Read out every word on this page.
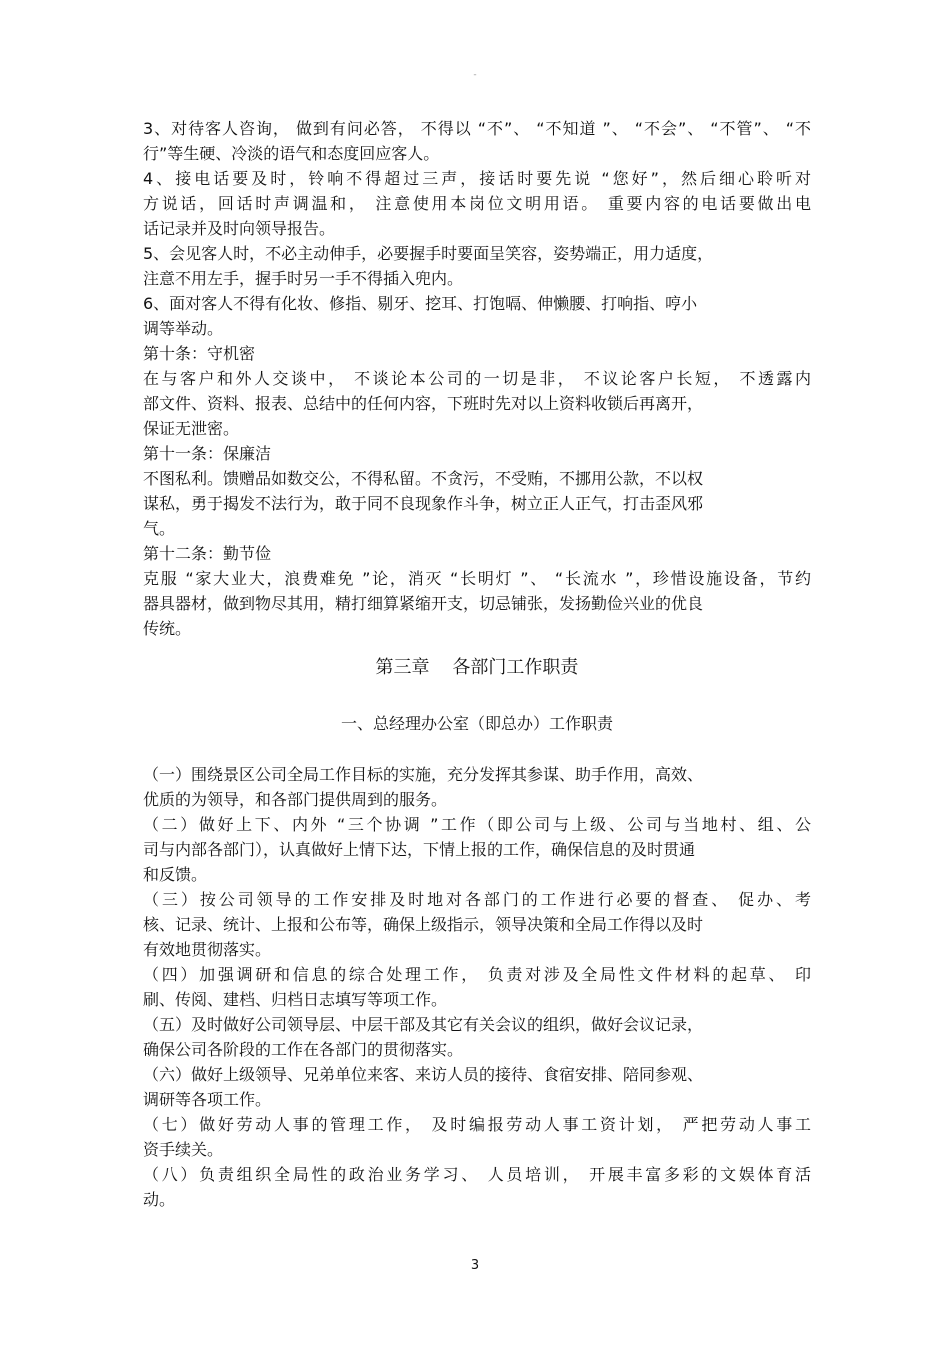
-
3、对待客人咨询， 做到有问必答， 不得以 “不”、 “不知道 ”、 “不会”、 “不管”、 “不
行”等生硬、冷淡的语气和态度回应客人。
4、接电话要及时，铃响不得超过三声，接话时要先说 “您好”，然后细心聆听对
方说话，回话时声调温和， 注意使用本岗位文明用语。 重要内容的电话要做出电
话记录并及时向领导报告。
5、会见客人时，不必主动伸手，必要握手时要面呈笑容，姿势端正，用力适度，
注意不用左手，握手时另一手不得插入兜内。
6、面对客人不得有化妆、修指、剔牙、挖耳、打饱嗝、伸懒腰、打响指、哼小
调等举动。
第十条：守机密
在与客户和外人交谈中， 不谈论本公司的一切是非， 不议论客户长短， 不透露内
部文件、资料、报表、总结中的任何内容，下班时先对以上资料收锁后再离开，
保证无泄密。
第十一条：保廉洁
不图私利。馈赠品如数交公，不得私留。不贪污，不受贿，不挪用公款，不以权
谋私，勇于揭发不法行为，敢于同不良现象作斗争，树立正人正气，打击歪风邪
气。
第十二条：勤节俭
克服 “家大业大，浪费难免 ”论，消灭 “长明灯 ”、 “长流水 ”，珍惜设施设备，节约
器具器材，做到物尽其用，精打细算紧缩开支，切忌铺张，发扬勤俭兴业的优良
传统。
第三章    各部门工作职责
一、总经理办公室（即总办）工作职责
（一）围绕景区公司全局工作目标的实施，充分发挥其参谋、助手作用，高效、
优质的为领导，和各部门提供周到的服务。
（二）做好上下、内外 “三个协调 ”工作（即公司与上级、公司与当地村、组、公
司与内部各部门），认真做好上情下达，下情上报的工作，确保信息的及时贯通
和反馈。
（三）按公司领导的工作安排及时地对各部门的工作进行必要的督查、 促办、考
核、记录、统计、上报和公布等，确保上级指示，领导决策和全局工作得以及时
有效地贯彻落实。
（四）加强调研和信息的综合处理工作， 负责对涉及全局性文件材料的起草、 印
刷、传阅、建档、归档日志填写等项工作。
（五）及时做好公司领导层、中层干部及其它有关会议的组织，做好会议记录，
确保公司各阶段的工作在各部门的贯彻落实。
（六）做好上级领导、兄弟单位来客、来访人员的接待、食宿安排、陪同参观、
调研等各项工作。
（七）做好劳动人事的管理工作， 及时编报劳动人事工资计划， 严把劳动人事工
资手续关。
（八）负责组织全局性的政治业务学习、 人员培训， 开展丰富多彩的文娱体育活
动。
3
